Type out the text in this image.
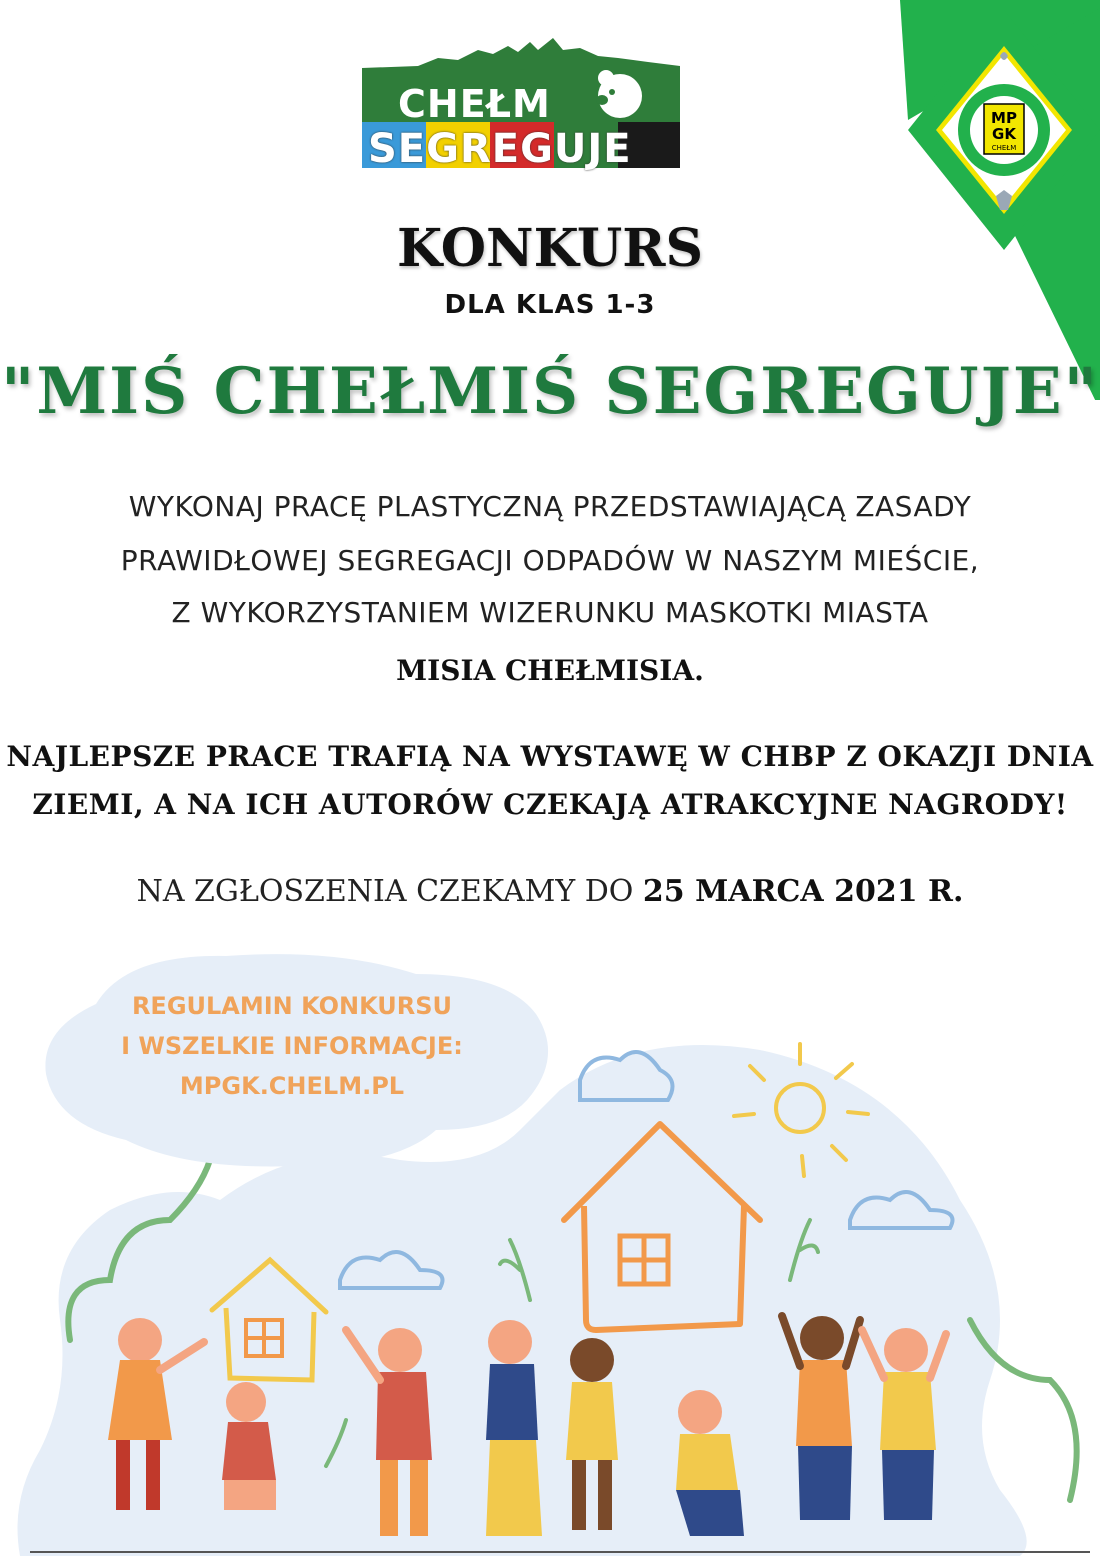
CHEŁM
SEGREGUJE
MP
GK
CHEŁM
KONKURS
DLA KLAS 1-3
"MIŚ CHEŁMIŚ SEGREGUJE"
WYKONAJ PRACĘ PLASTYCZNĄ PRZEDSTAWIAJĄCĄ ZASADY
PRAWIDŁOWEJ SEGREGACJI ODPADÓW W NASZYM MIEŚCIE,
Z WYKORZYSTANIEM WIZERUNKU MASKOTKI MIASTA
MISIA CHEŁMISIA.
NAJLEPSZE PRACE TRAFIĄ NA WYSTAWĘ W CHBP Z OKAZJI DNIA
ZIEMI, A NA ICH AUTORÓW CZEKAJĄ ATRAKCYJNE NAGRODY!
NA ZGŁOSZENIA CZEKAMY DO 25 MARCA 2021 R.
REGULAMIN KONKURSU
I WSZELKIE INFORMACJE:
MPGK.CHELM.PL
